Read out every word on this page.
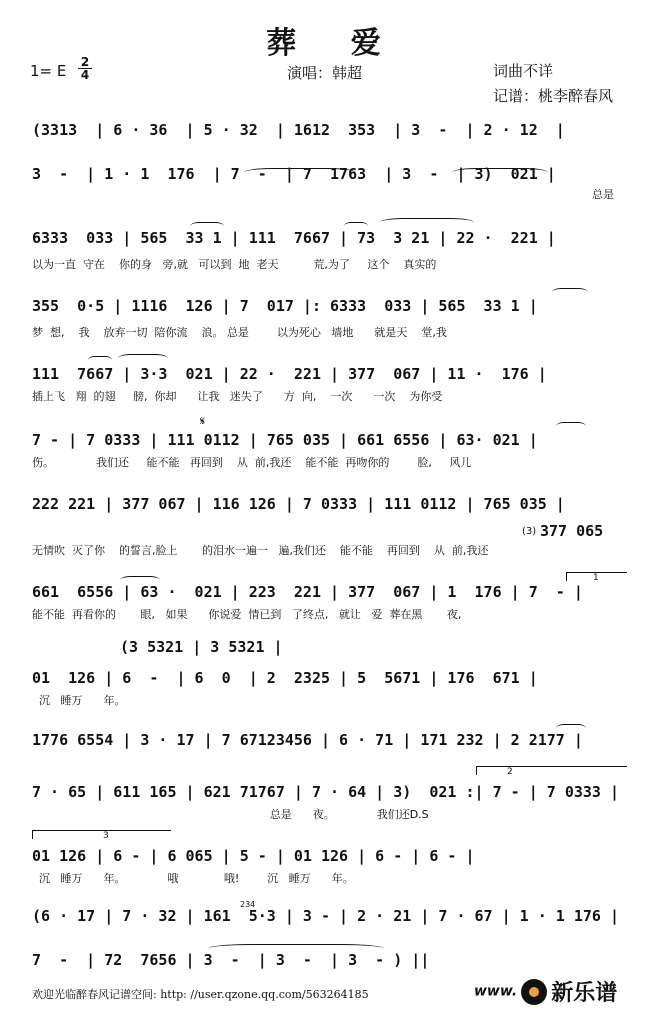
葬 爱
1= E 2
4	演唱：韩超	词曲不详
记谱：桃李醉春风
(3313  | 6 · 36  | 5 · 32  | 1612  353  | 3  -  | 2 · 12  |
3  -  | 1 · 1  176  | 7  -  | 7  1763  | 3  -  | 3)  021 |
总是
6333  033 | 565  33 1 | 111  7667 | 73  3 21 | 22 ·  221 |
以为一直  守在    你的身   旁,就   可以到  地  老天          荒,为了     这个    真实的
355  0·5 | 1116  126 | 7  017 |: 6333  033 | 565  33 1 |
梦  想,    我    放弃一切  陪你流    浪。 总是        以为死心   墙地      就是天    堂,我
111  7667 | 3·3  021 | 22 ·  221 | 377  067 | 11 ·  176 |
插上飞   翔  的翅     膀,  你却      让我   迷失了      方  向,    一次      一次    为你受
7 - | 7 0333 | 111 0112 | 765 035 | 661 6556 | 63· 021 |
伤。            我们还     能不能   再回到    从  前,我还    能不能  再吻你的        脸,     风儿
𝄋
222 221 | 377 067 | 116 126 | 7 0333 | 111 0112 | 765 035 |
无情吹  灭了你    的誓言,脸上       的泪水一遍一   遍,我们还    能不能    再回到    从  前,我还
(3) 377 065
661  6556 | 63 ·  021 | 223  221 | 377  067 | 1  176 | 7  - |
能不能  再看你的       眼,   如果      你说爱  情已到   了终点,   就让   爱  葬在黑       夜,
1
(3 5321 | 3 5321 |
01  126 | 6  -  | 6  0  | 2  2325 | 5  5671 | 176  671 |
沉   睡万      年。
1776 6554 | 3 · 17 | 7 67123456 | 6 · 71 | 171 232 | 2 2177 |
7 · 65 | 611 165 | 621 71767 | 7 · 64 | 3)  021 :| 7 - | 7 0333 |
总是      夜。            我们还D.S
2
01 126 | 6 - | 6 065 | 5 - | 01 126 | 6 - | 6 - |
沉   睡万      年。            哦             哦!        沉   睡万      年。
3
(6 · 17 | 7 · 32 | 161  5·3 | 3 - | 2 · 21 | 7 · 67 | 1 · 1 176 |
234
7  -  | 72  7656 | 3  -  | 3  -  | 3  - ) ||
欢迎光临醉春风记谱空间: http: //user.qzone.qq.com/563264185	www. 新乐谱
